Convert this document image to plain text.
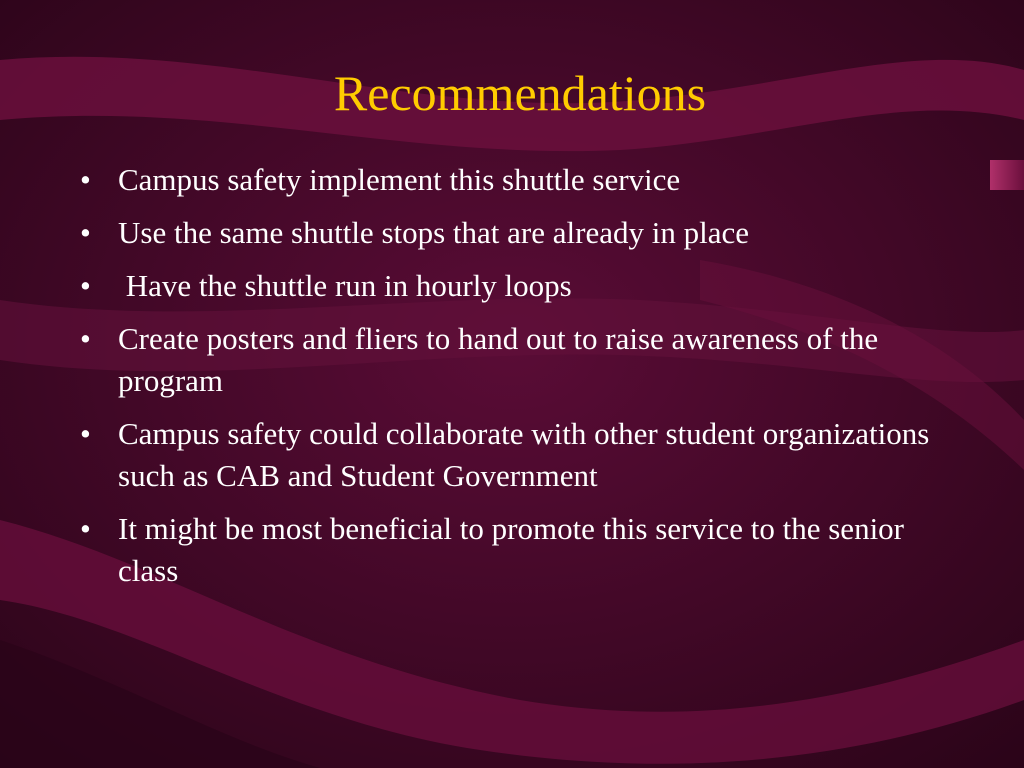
Recommendations
• Campus safety implement this shuttle service
• Use the same shuttle stops that are already in place
• Have the shuttle run in hourly loops
• Create posters and fliers to hand out to raise awareness of the program
• Campus safety could collaborate with other student organizations such as CAB and Student Government
• It might be most beneficial to promote this service to the senior class
